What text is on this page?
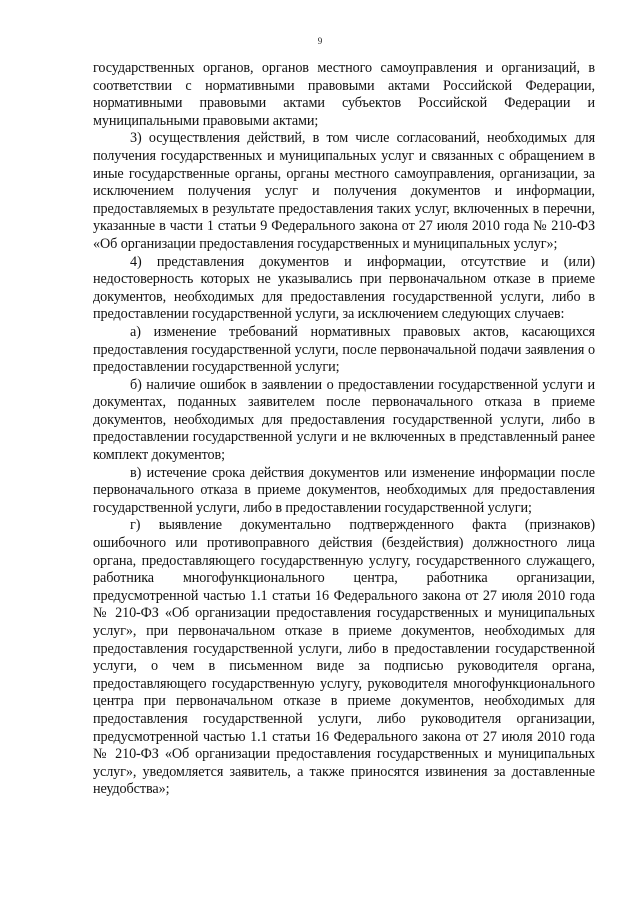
9

государственных органов, органов местного самоуправления и организаций, в соответствии с нормативными правовыми актами Российской Федерации, нормативными правовыми актами субъектов Российской Федерации и муниципальными правовыми актами;

3) осуществления действий, в том числе согласований, необходимых для получения государственных и муниципальных услуг и связанных с обращением в иные государственные органы, органы местного самоуправления, организации, за исключением получения услуг и получения документов и информации, предоставляемых в результате предоставления таких услуг, включенных в перечни, указанные в части 1 статьи 9 Федерального закона от 27 июля 2010 года № 210-ФЗ «Об организации предоставления государственных и муниципальных услуг»;

4) представления документов и информации, отсутствие и (или) недостоверность которых не указывались при первоначальном отказе в приеме документов, необходимых для предоставления государственной услуги, либо в предоставлении государственной услуги, за исключением следующих случаев:

а) изменение требований нормативных правовых актов, касающихся предоставления государственной услуги, после первоначальной подачи заявления о предоставлении государственной услуги;

б) наличие ошибок в заявлении о предоставлении государственной услуги и документах, поданных заявителем после первоначального отказа в приеме документов, необходимых для предоставления государственной услуги, либо в предоставлении государственной услуги и не включенных в представленный ранее комплект документов;

в) истечение срока действия документов или изменение информации после первоначального отказа в приеме документов, необходимых для предоставления государственной услуги, либо в предоставлении государственной услуги;

г) выявление документально подтвержденного факта (признаков) ошибочного или противоправного действия (бездействия) должностного лица органа, предоставляющего государственную услугу, государственного служащего, работника многофункционального центра, работника организации, предусмотренной частью 1.1 статьи 16 Федерального закона от 27 июля 2010 года № 210-ФЗ «Об организации предоставления государственных и муниципальных услуг», при первоначальном отказе в приеме документов, необходимых для предоставления государственной услуги, либо в предоставлении государственной услуги, о чем в письменном виде за подписью руководителя органа, предоставляющего государственную услугу, руководителя многофункционального центра при первоначальном отказе в приеме документов, необходимых для предоставления государственной услуги, либо руководителя организации, предусмотренной частью 1.1 статьи 16 Федерального закона от 27 июля 2010 года № 210-ФЗ «Об организации предоставления государственных и муниципальных услуг», уведомляется заявитель, а также приносятся извинения за доставленные неудобства»;
